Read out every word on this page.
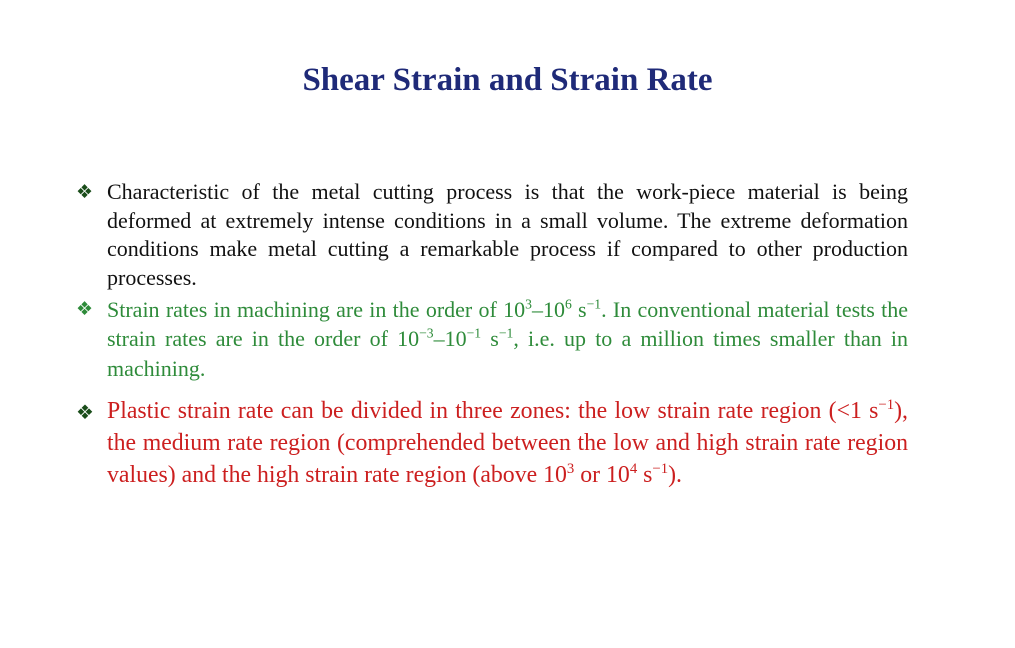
Shear Strain and Strain Rate
❖ Characteristic of the metal cutting process is that the work-piece material is being deformed at extremely intense conditions in a small volume. The extreme deformation conditions make metal cutting a remarkable process if compared to other production processes.
❖ Strain rates in machining are in the order of $10^3-10^6$ $s^{-1}$. In conventional material tests the strain rates are in the order of $10^{-3}-10^{-1}$ $s^{-1}$, i.e. up to a million times smaller than in machining.
❖ Plastic strain rate can be divided in three zones: the low strain rate region (<1 $s^{-1}$), the medium rate region (comprehended between the low and high strain rate region values) and the high strain rate region (above $10^3$ or $10^4$ $s^{-1}$).
